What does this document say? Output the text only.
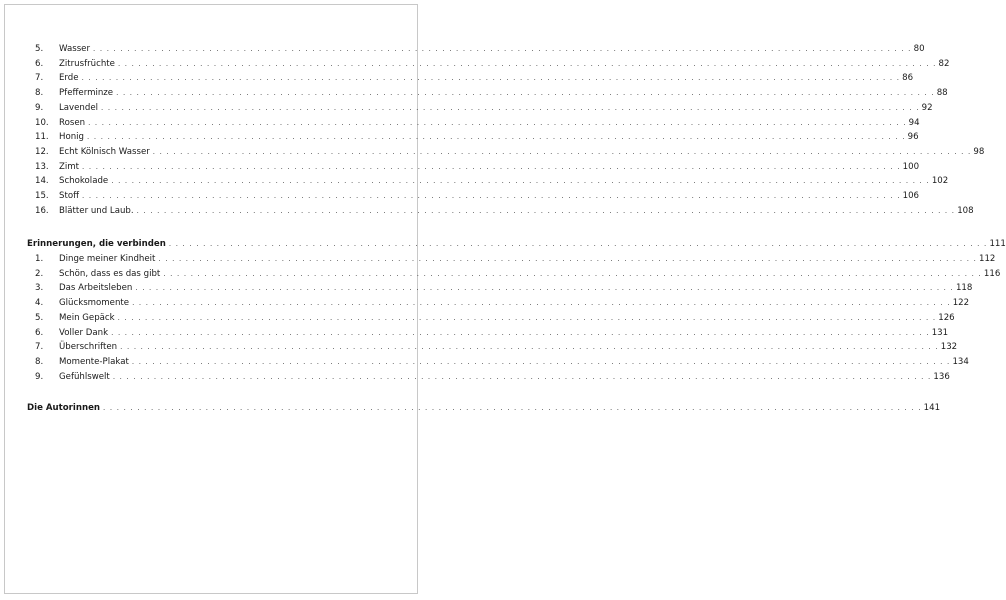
5.	Wasser . . . . . . . . . . . . . . . . . . . . . . . . . . . . . . . . . . . . . . . . . . . . . . . . . . . . . . . . . . . . . . . . . . . . . . . . . . . . . . . . . . . . . . . . . . . . . . . . . . . . . . . . . . . . . . . . . . . . . . . . 80
6.	Zitrusfrüchte . . . . . . . . . . . . . . . . . . . . . . . . . . . . . . . . . . . . . . . . . . . . . . . . . . . . . . . . . . . . . . . . . . . . . . . . . . . . . . . . . . . . . . . . . . . . . . . . . . . . . . . . . . . . . . . . . . . . . . . . 82
7.	Erde . . . . . . . . . . . . . . . . . . . . . . . . . . . . . . . . . . . . . . . . . . . . . . . . . . . . . . . . . . . . . . . . . . . . . . . . . . . . . . . . . . . . . . . . . . . . . . . . . . . . . . . . . . . . . . . . . . . . . . . . 86
8.	Pfefferminze . . . . . . . . . . . . . . . . . . . . . . . . . . . . . . . . . . . . . . . . . . . . . . . . . . . . . . . . . . . . . . . . . . . . . . . . . . . . . . . . . . . . . . . . . . . . . . . . . . . . . . . . . . . . . . . . . . . . . . . . 88
9.	Lavendel . . . . . . . . . . . . . . . . . . . . . . . . . . . . . . . . . . . . . . . . . . . . . . . . . . . . . . . . . . . . . . . . . . . . . . . . . . . . . . . . . . . . . . . . . . . . . . . . . . . . . . . . . . . . . . . . . . . . . . . . 92
10.	Rosen . . . . . . . . . . . . . . . . . . . . . . . . . . . . . . . . . . . . . . . . . . . . . . . . . . . . . . . . . . . . . . . . . . . . . . . . . . . . . . . . . . . . . . . . . . . . . . . . . . . . . . . . . . . . . . . . . . . . . . . . 94
11.	Honig . . . . . . . . . . . . . . . . . . . . . . . . . . . . . . . . . . . . . . . . . . . . . . . . . . . . . . . . . . . . . . . . . . . . . . . . . . . . . . . . . . . . . . . . . . . . . . . . . . . . . . . . . . . . . . . . . . . . . . . . 96
12.	Echt Kölnisch Wasser . . . . . . . . . . . . . . . . . . . . . . . . . . . . . . . . . . . . . . . . . . . . . . . . . . . . . . . . . . . . . . . . . . . . . . . . . . . . . . . . . . . . . . . . . . . . . . . . . . . . . . . . . . . . . . . . . . . . . . . . 98
13.	Zimt . . . . . . . . . . . . . . . . . . . . . . . . . . . . . . . . . . . . . . . . . . . . . . . . . . . . . . . . . . . . . . . . . . . . . . . . . . . . . . . . . . . . . . . . . . . . . . . . . . . . . . . . . . . . . . . . . . . . . . . . 100
14.	Schokolade . . . . . . . . . . . . . . . . . . . . . . . . . . . . . . . . . . . . . . . . . . . . . . . . . . . . . . . . . . . . . . . . . . . . . . . . . . . . . . . . . . . . . . . . . . . . . . . . . . . . . . . . . . . . . . . . . . . . . . . . 102
15.	Stoff . . . . . . . . . . . . . . . . . . . . . . . . . . . . . . . . . . . . . . . . . . . . . . . . . . . . . . . . . . . . . . . . . . . . . . . . . . . . . . . . . . . . . . . . . . . . . . . . . . . . . . . . . . . . . . . . . . . . . . . . 106
16.	Blätter und Laub. . . . . . . . . . . . . . . . . . . . . . . . . . . . . . . . . . . . . . . . . . . . . . . . . . . . . . . . . . . . . . . . . . . . . . . . . . . . . . . . . . . . . . . . . . . . . . . . . . . . . . . . . . . . . . . . . . . . . . . . . 108
Erinnerungen, die verbinden . . . . . . . . . . . . . . . . . . . . . . . . . . . . . . . . . . . . . . . . . . . . . . . . . . . . . . . . . . . . . . . . . . . . . . . . . . . . . . . . . . . . . . . . . . . . . . . . . . . . . . . . . . . . . . . . . . . . . . . . 111
1.	Dinge meiner Kindheit . . . . . . . . . . . . . . . . . . . . . . . . . . . . . . . . . . . . . . . . . . . . . . . . . . . . . . . . . . . . . . . . . . . . . . . . . . . . . . . . . . . . . . . . . . . . . . . . . . . . . . . . . . . . . . . . . . . . . . . . 112
2.	Schön, dass es das gibt . . . . . . . . . . . . . . . . . . . . . . . . . . . . . . . . . . . . . . . . . . . . . . . . . . . . . . . . . . . . . . . . . . . . . . . . . . . . . . . . . . . . . . . . . . . . . . . . . . . . . . . . . . . . . . . . . . . . . . . . 116
3.	Das Arbeitsleben . . . . . . . . . . . . . . . . . . . . . . . . . . . . . . . . . . . . . . . . . . . . . . . . . . . . . . . . . . . . . . . . . . . . . . . . . . . . . . . . . . . . . . . . . . . . . . . . . . . . . . . . . . . . . . . . . . . . . . . . 118
4.	Glücksmomente . . . . . . . . . . . . . . . . . . . . . . . . . . . . . . . . . . . . . . . . . . . . . . . . . . . . . . . . . . . . . . . . . . . . . . . . . . . . . . . . . . . . . . . . . . . . . . . . . . . . . . . . . . . . . . . . . . . . . . . . 122
5.	Mein Gepäck . . . . . . . . . . . . . . . . . . . . . . . . . . . . . . . . . . . . . . . . . . . . . . . . . . . . . . . . . . . . . . . . . . . . . . . . . . . . . . . . . . . . . . . . . . . . . . . . . . . . . . . . . . . . . . . . . . . . . . . . 126
6.	Voller Dank . . . . . . . . . . . . . . . . . . . . . . . . . . . . . . . . . . . . . . . . . . . . . . . . . . . . . . . . . . . . . . . . . . . . . . . . . . . . . . . . . . . . . . . . . . . . . . . . . . . . . . . . . . . . . . . . . . . . . . . . 131
7.	Überschriften . . . . . . . . . . . . . . . . . . . . . . . . . . . . . . . . . . . . . . . . . . . . . . . . . . . . . . . . . . . . . . . . . . . . . . . . . . . . . . . . . . . . . . . . . . . . . . . . . . . . . . . . . . . . . . . . . . . . . . . . 132
8.	Momente-Plakat . . . . . . . . . . . . . . . . . . . . . . . . . . . . . . . . . . . . . . . . . . . . . . . . . . . . . . . . . . . . . . . . . . . . . . . . . . . . . . . . . . . . . . . . . . . . . . . . . . . . . . . . . . . . . . . . . . . . . . . . 134
9.	Gefühlswelt . . . . . . . . . . . . . . . . . . . . . . . . . . . . . . . . . . . . . . . . . . . . . . . . . . . . . . . . . . . . . . . . . . . . . . . . . . . . . . . . . . . . . . . . . . . . . . . . . . . . . . . . . . . . . . . . . . . . . . . . 136
Die Autorinnen . . . . . . . . . . . . . . . . . . . . . . . . . . . . . . . . . . . . . . . . . . . . . . . . . . . . . . . . . . . . . . . . . . . . . . . . . . . . . . . . . . . . . . . . . . . . . . . . . . . . . . . . . . . . . . . . . . . . . . . . 141
